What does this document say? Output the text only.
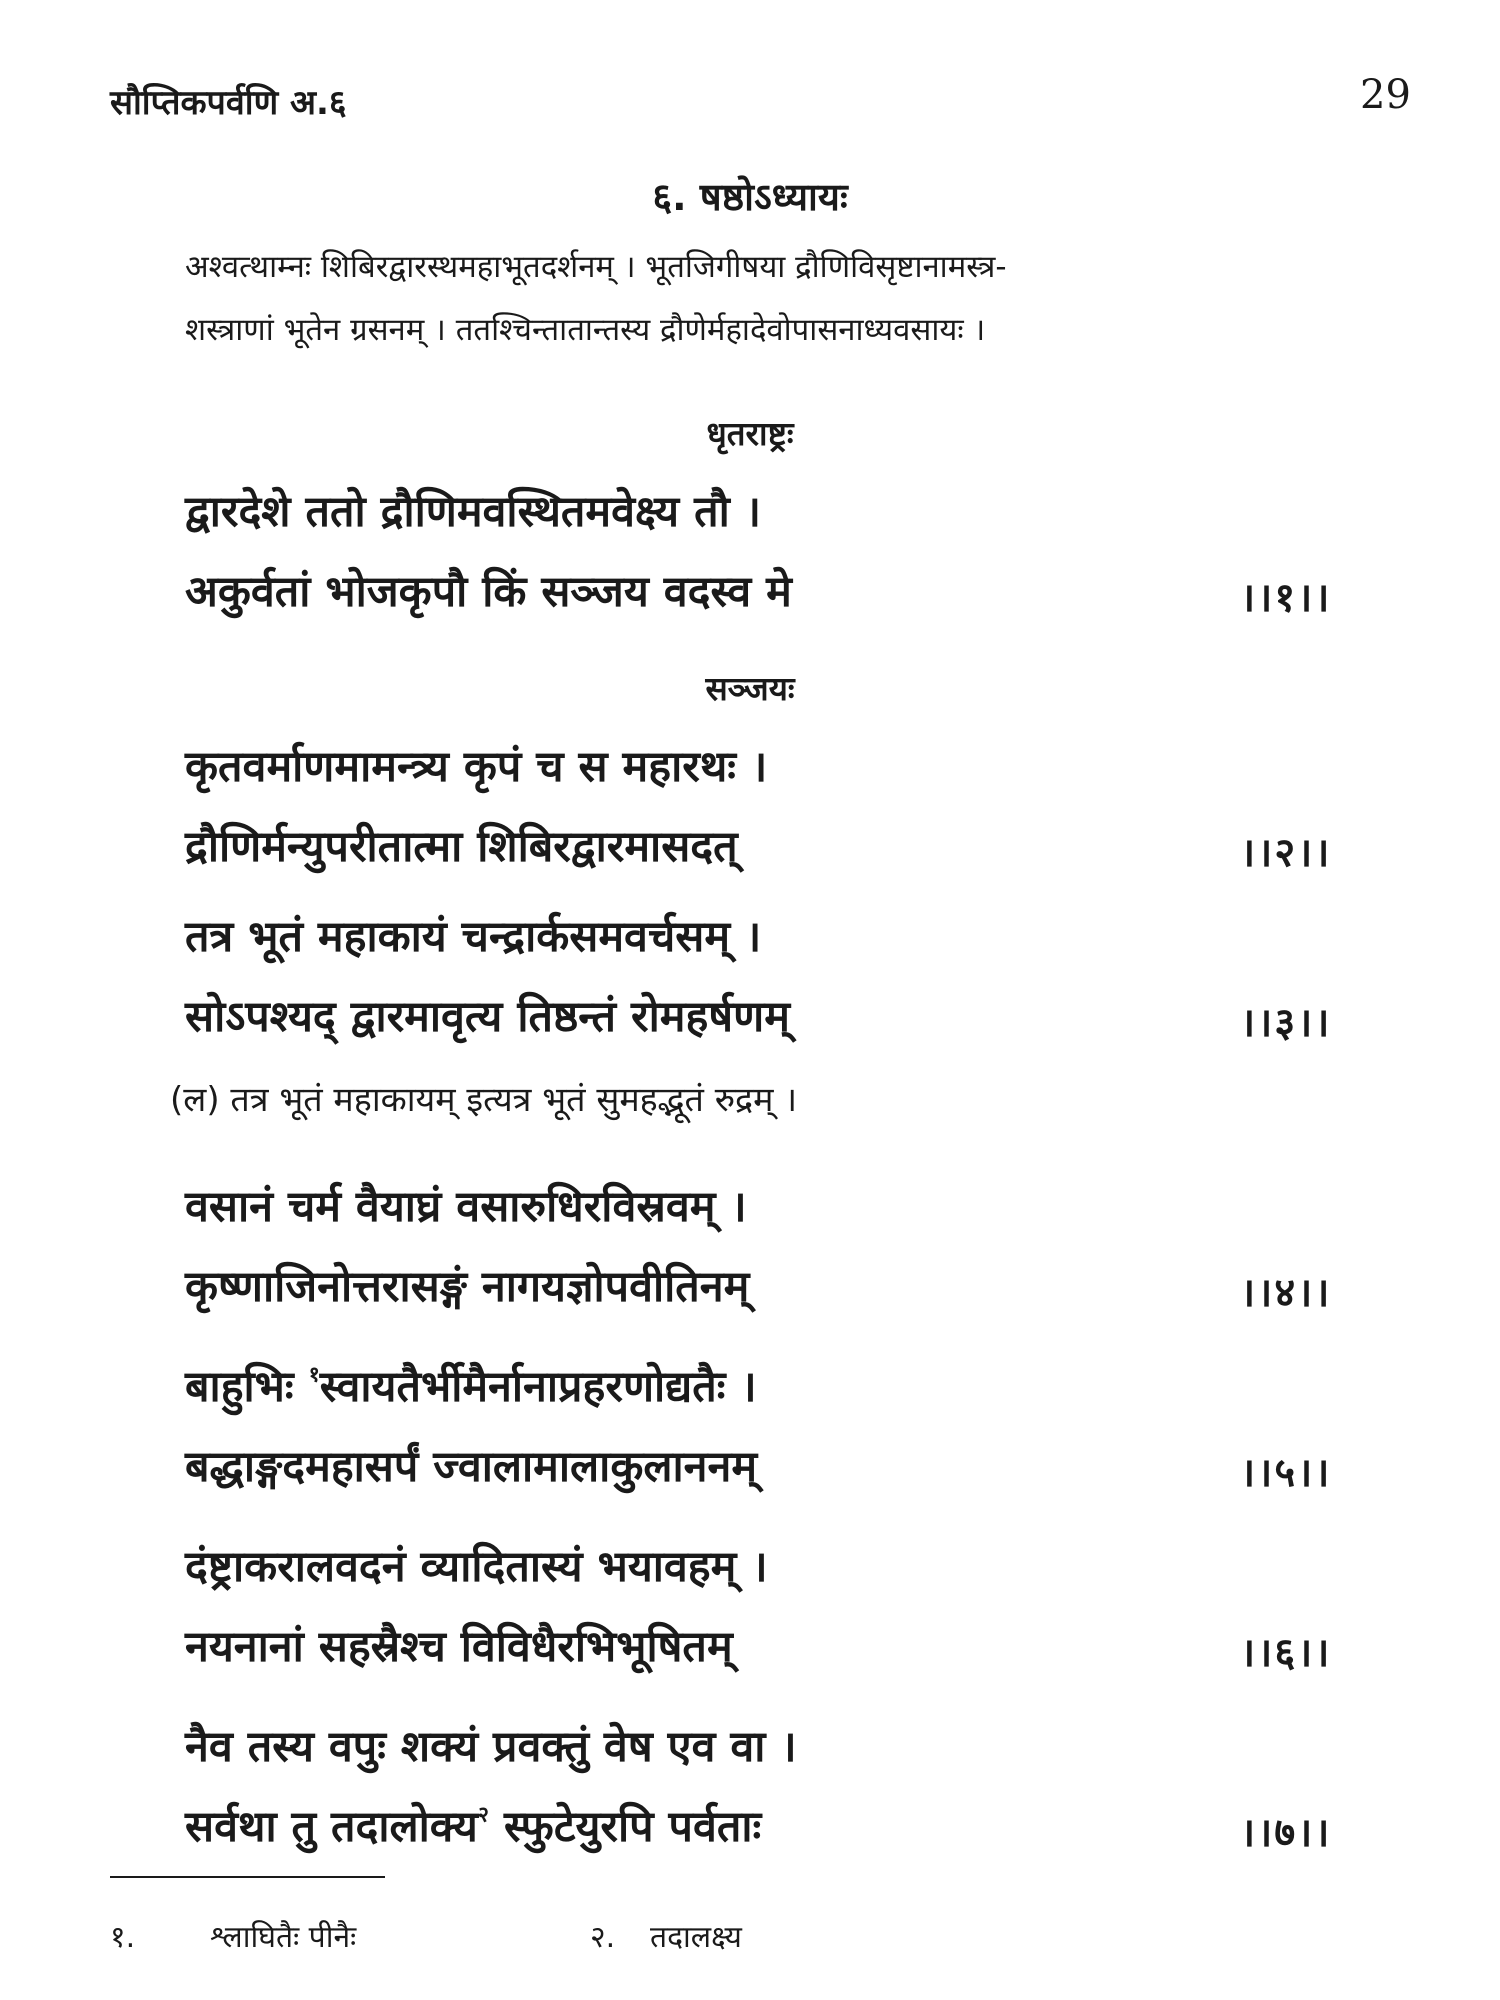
सौप्तिकपर्वणि अ.६	29
६. षष्ठोऽध्यायः
अश्वत्थाम्नः शिबिरद्वारस्थमहाभूतदर्शनम् । भूतजिगीषया द्रौणिविसृष्टानामस्त्र-
शस्त्राणां भूतेन ग्रसनम् । ततश्चिन्तातान्तस्य द्रौणेर्महादेवोपासनाध्यवसायः ।
धृतराष्ट्रः
द्वारदेशे ततो द्रौणिमवस्थितमवेक्ष्य तौ ।
अकुर्वतां भोजकृपौ किं सञ्जय वदस्व मे	।।१।।
सञ्जयः
कृतवर्माणमामन्त्र्य कृपं च स महारथः ।
द्रौणिर्मन्युपरीतात्मा शिबिरद्वारमासदत्	।।२।।
तत्र भूतं महाकायं चन्द्रार्कसमवर्चसम् ।
सोऽपश्यद् द्वारमावृत्य तिष्ठन्तं रोमहर्षणम्	।।३।।
(ल) तत्र भूतं महाकायम् इत्यत्र भूतं सुमहद्भूतं रुद्रम् ।
वसानं चर्म वैयाघ्रं वसारुधिरविस्रवम् ।
कृष्णाजिनोत्तरासङ्गं नागयज्ञोपवीतिनम्	।।४।।
बाहुभिः $^१$स्वायतैर्भीमैर्नानाप्रहरणोद्यतैः ।
बद्धाङ्गदमहासर्पं ज्वालामालाकुलाननम्	।।५।।
दंष्ट्राकरालवदनं व्यादितास्यं भयावहम् ।
नयनानां सहस्रैश्च विविधैरभिभूषितम्	।।६।।
नैव तस्य वपुः शक्यं प्रवक्तुं वेष एव वा ।
सर्वथा तु तदालोक्य$^२$ स्फुटेयुरपि पर्वताः	।।७।।
१. श्लाघितैः पीनैः	२. तदालक्ष्य
